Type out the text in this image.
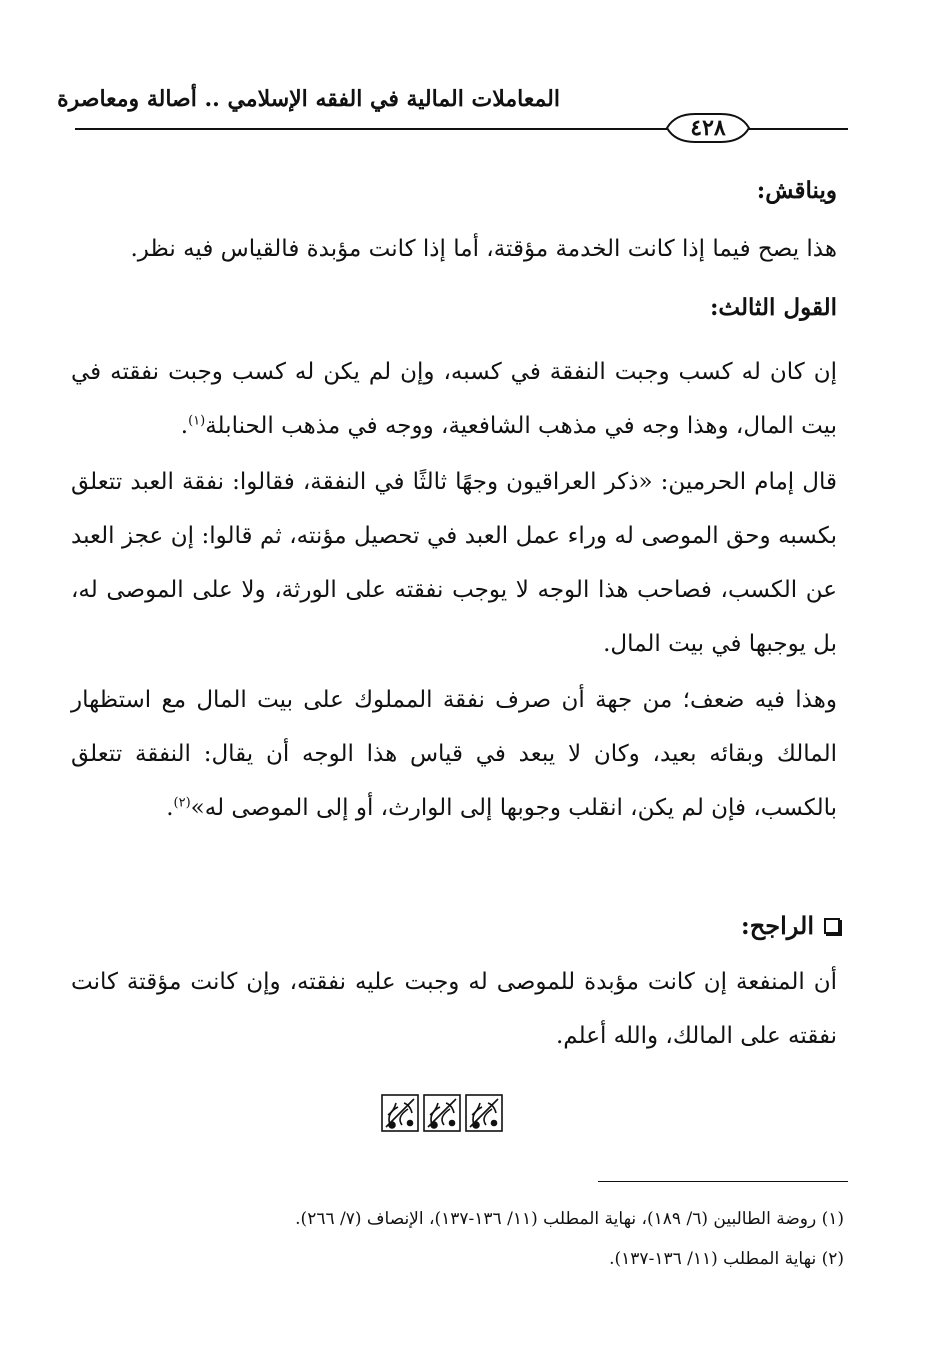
المعاملات المالية في الفقه الإسلامي .. أصالة ومعاصرة
٤٢٨
ويناقش:
هذا يصح فيما إذا كانت الخدمة مؤقتة، أما إذا كانت مؤبدة فالقياس فيه نظر.
القول الثالث:
إن كان له كسب وجبت النفقة في كسبه، وإن لم يكن له كسب وجبت نفقته في بيت المال، وهذا وجه في مذهب الشافعية، ووجه في مذهب الحنابلة$^{(١)}$.
قال إمام الحرمين: «ذكر العراقيون وجهًا ثالثًا في النفقة، فقالوا: نفقة العبد تتعلق بكسبه وحق الموصى له وراء عمل العبد في تحصيل مؤنته، ثم قالوا: إن عجز العبد عن الكسب، فصاحب هذا الوجه لا يوجب نفقته على الورثة، ولا على الموصى له، بل يوجبها في بيت المال.
وهذا فيه ضعف؛ من جهة أن صرف نفقة المملوك على بيت المال مع استظهار المالك وبقائه بعيد، وكان لا يبعد في قياس هذا الوجه أن يقال: النفقة تتعلق بالكسب، فإن لم يكن، انقلب وجوبها إلى الوارث، أو إلى الموصى له»$^{(٢)}$.
الراجح:
أن المنفعة إن كانت مؤبدة للموصى له وجبت عليه نفقته، وإن كانت مؤقتة كانت نفقته على المالك، والله أعلم.
(١) روضة الطالبين (٦/ ١٨٩)، نهاية المطلب (١١/ ١٣٦-١٣٧)، الإنصاف (٧/ ٢٦٦).
(٢) نهاية المطلب (١١/ ١٣٦-١٣٧).
